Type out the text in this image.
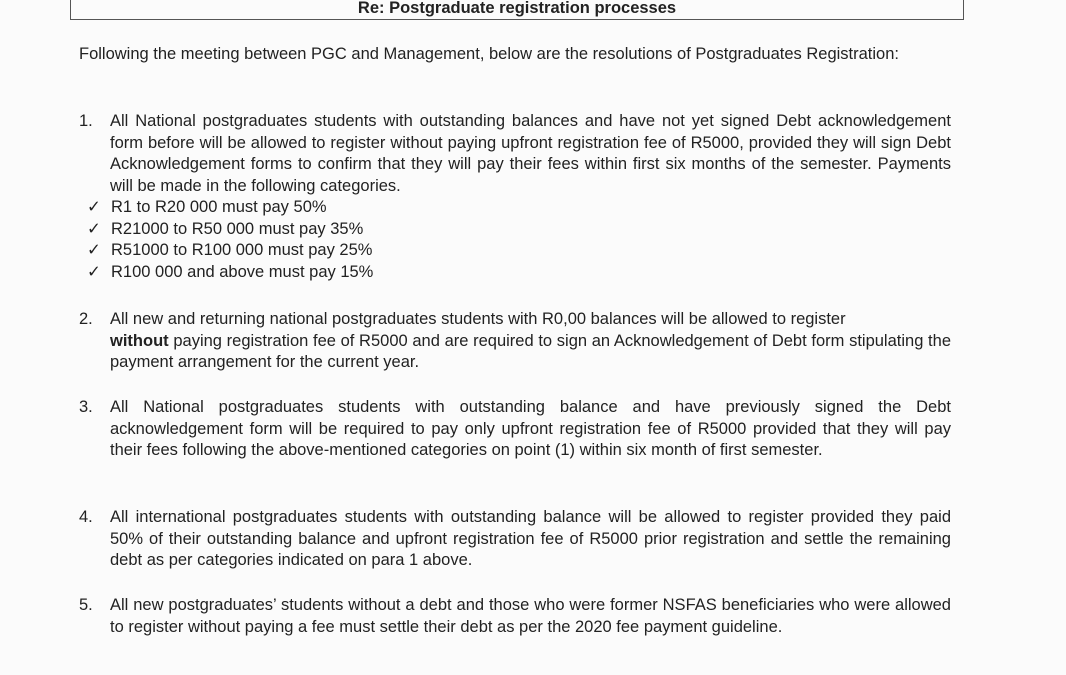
Re: Postgraduate registration processes

Following the meeting between PGC and Management, below are the resolutions of Postgraduates Registration:

1.	All National postgraduates students with outstanding balances and have not yet signed Debt acknowledgement form before will be allowed to register without paying upfront registration fee of R5000, provided they will sign Debt Acknowledgement forms to confirm that they will pay their fees within first six months of the semester. Payments will be made in the following categories.
✓ R1 to R20 000 must pay 50%
✓ R21000 to R50 000 must pay 35%
✓ R51000 to R100 000 must pay 25%
✓ R100 000 and above must pay 15%
2.	All new and returning national postgraduates students with R0,00 balances will be allowed to register
without paying registration fee of R5000 and are required to sign an Acknowledgement of Debt form stipulating the payment arrangement for the current year.
3.	All National postgraduates students with outstanding balance and have previously signed the Debt acknowledgement form will be required to pay only upfront registration fee of R5000 provided that they will pay their fees following the above-mentioned categories on point (1) within six month of first semester.
4.	All international postgraduates students with outstanding balance will be allowed to register provided they paid 50% of their outstanding balance and upfront registration fee of R5000 prior registration and settle the remaining debt as per categories indicated on para 1 above.
5.	All new postgraduates’ students without a debt and those who were former NSFAS beneficiaries who were allowed to register without paying a fee must settle their debt as per the 2020 fee payment guideline.
